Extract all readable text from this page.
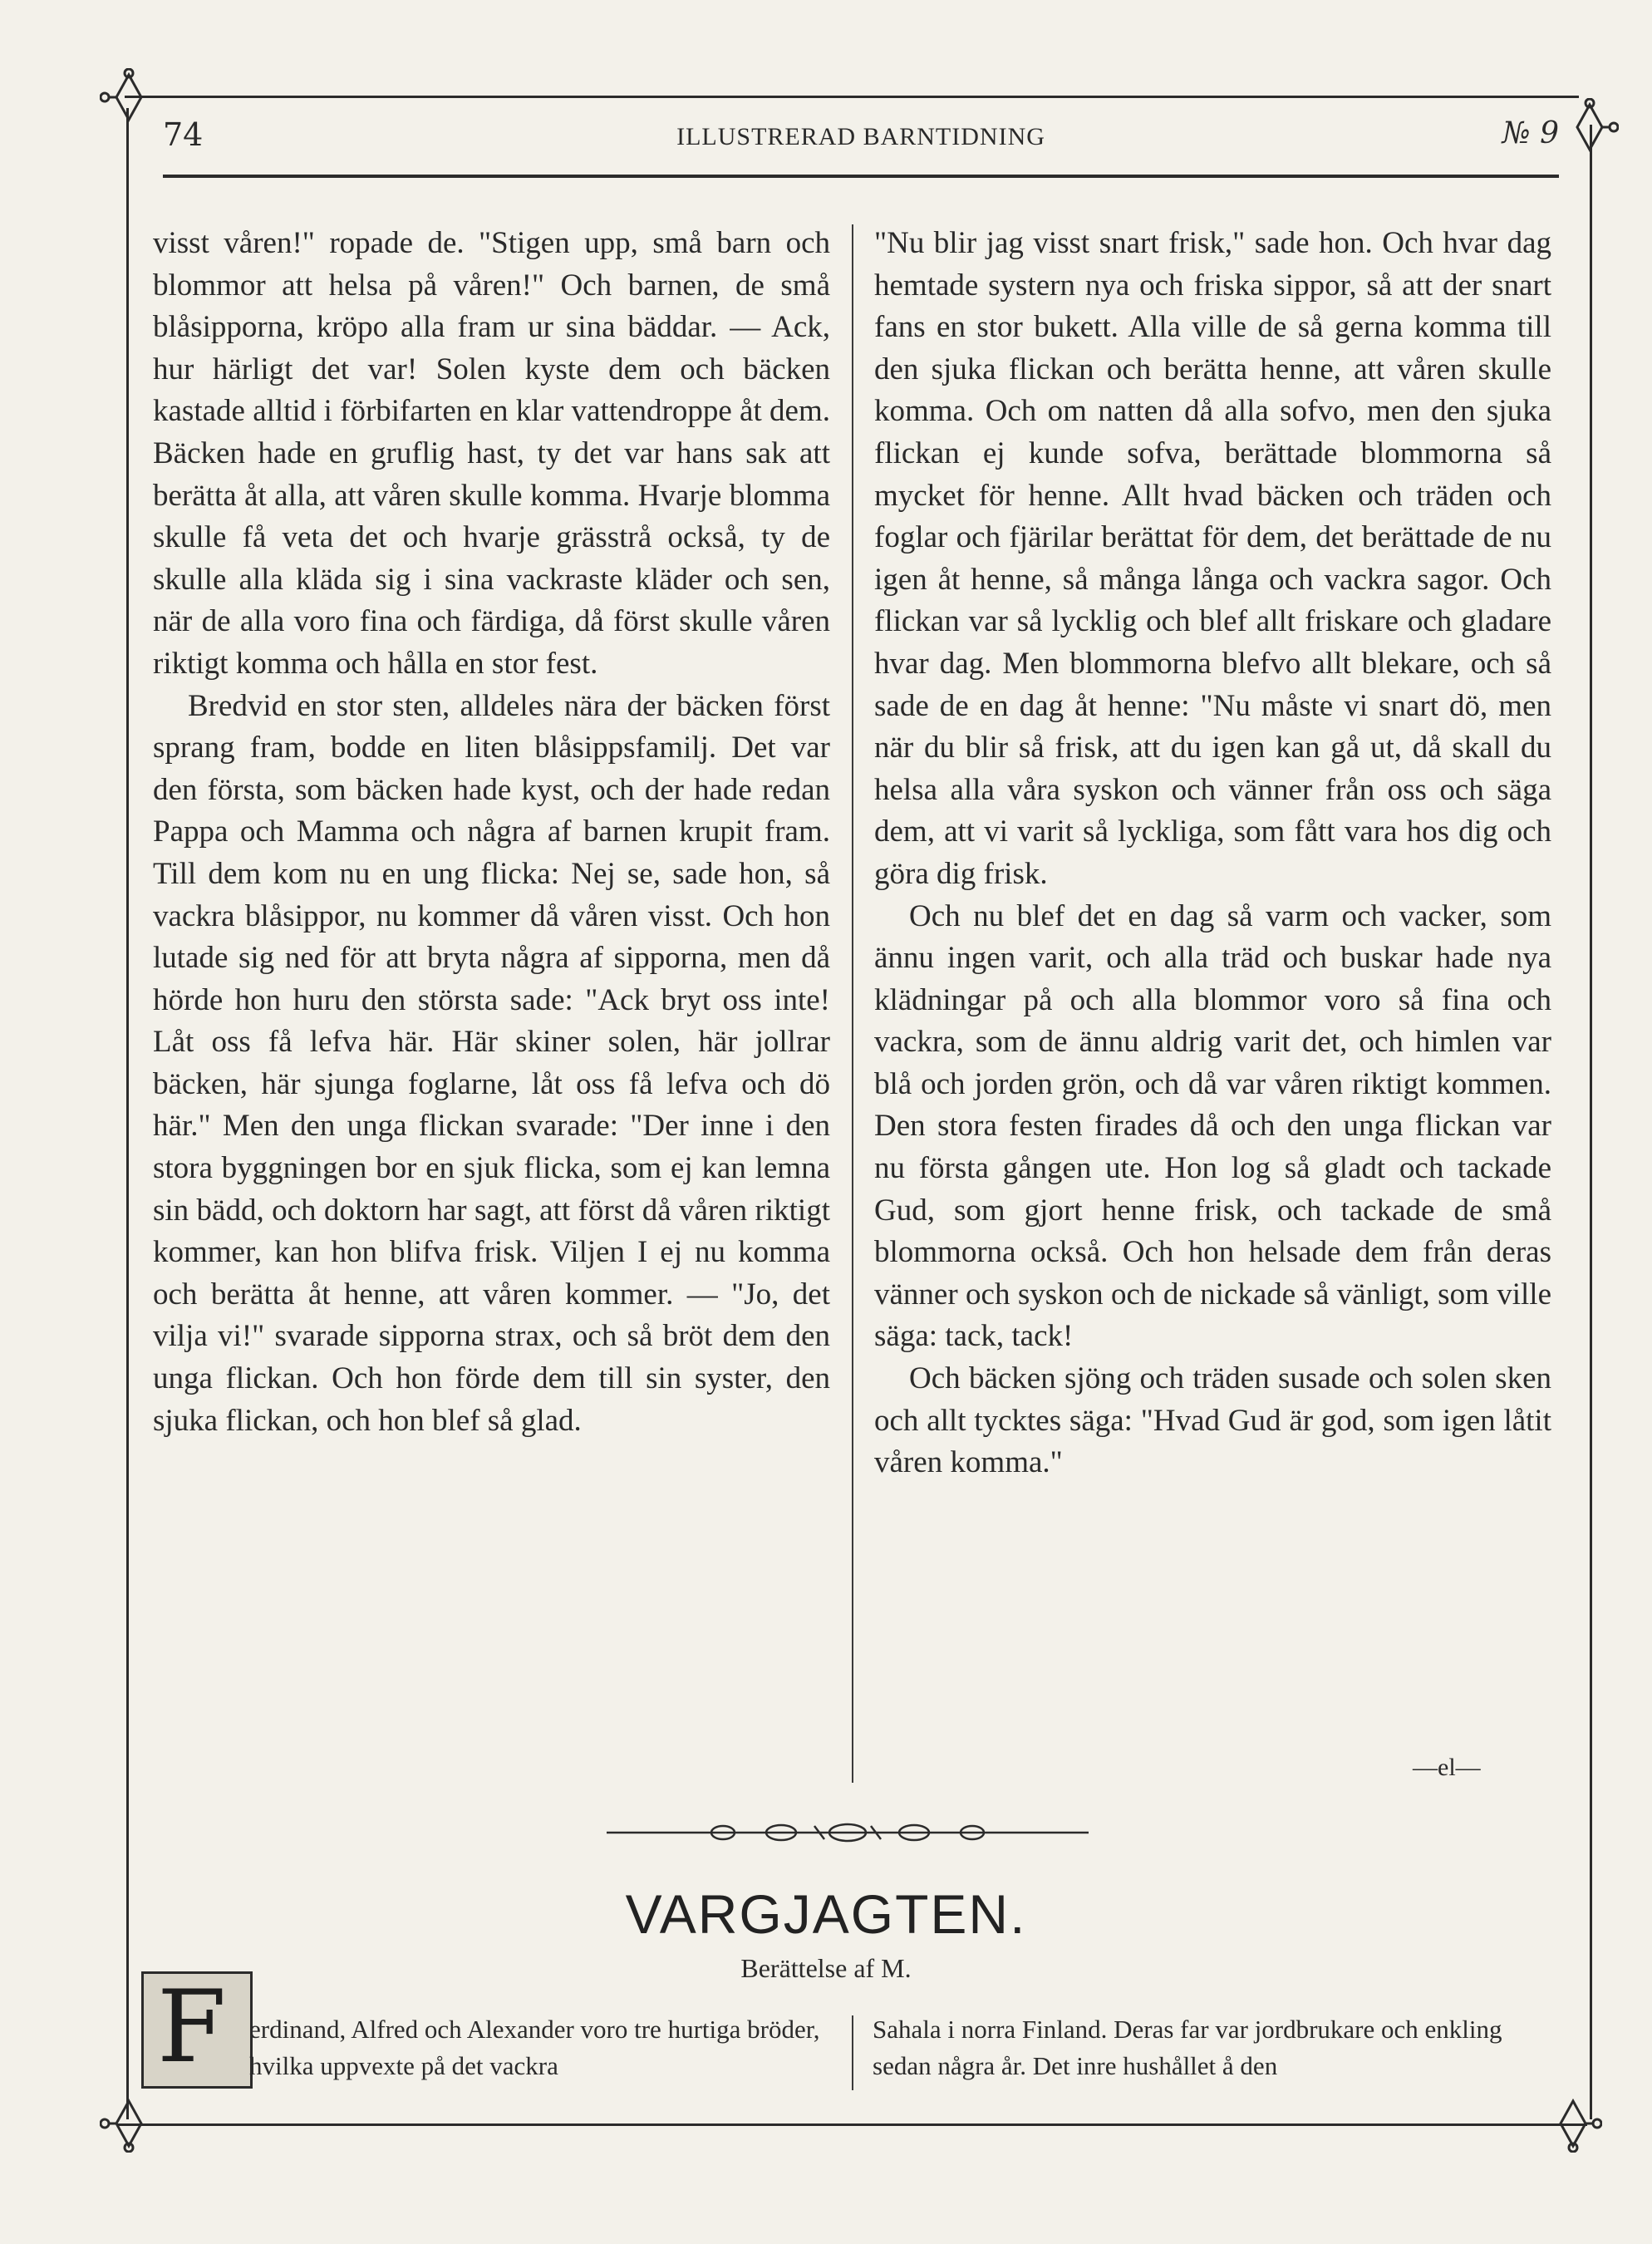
74	ILLUSTRERAD BARNTIDNING	№ 9

visst våren!" ropade de. "Stigen upp, små barn och blommor att helsa på våren!" Och barnen, de små blåsipporna, kröpo alla fram ur sina bäddar. — Ack, hur härligt det var! Solen kyste dem och bäcken kastade alltid i förbifarten en klar vattendroppe åt dem. Bäcken hade en gruflig hast, ty det var hans sak att berätta åt alla, att våren skulle komma. Hvarje blomma skulle få veta det och hvarje grässtrå också, ty de skulle alla kläda sig i sina vackraste kläder och sen, när de alla voro fina och färdiga, då först skulle våren riktigt komma och hålla en stor fest.

Bredvid en stor sten, alldeles nära der bäcken först sprang fram, bodde en liten blåsippsfamilj. Det var den första, som bäcken hade kyst, och der hade redan Pappa och Mamma och några af barnen krupit fram. Till dem kom nu en ung flicka: Nej se, sade hon, så vackra blåsippor, nu kommer då våren visst. Och hon lutade sig ned för att bryta några af sipporna, men då hörde hon huru den största sade: "Ack bryt oss inte! Låt oss få lefva här. Här skiner solen, här jollrar bäcken, här sjunga foglarne, låt oss få lefva och dö här." Men den unga flickan svarade: "Der inne i den stora byggningen bor en sjuk flicka, som ej kan lemna sin bädd, och doktorn har sagt, att först då våren riktigt kommer, kan hon blifva frisk. Viljen I ej nu komma och berätta åt henne, att våren kommer. — "Jo, det vilja vi!" svarade sipporna strax, och så bröt dem den unga flickan. Och hon förde dem till sin syster, den sjuka flickan, och hon blef så glad.

"Nu blir jag visst snart frisk," sade hon. Och hvar dag hemtade systern nya och friska sippor, så att der snart fans en stor bukett. Alla ville de så gerna komma till den sjuka flickan och berätta henne, att våren skulle komma. Och om natten då alla sofvo, men den sjuka flickan ej kunde sofva, berättade blommorna så mycket för henne. Allt hvad bäcken och träden och foglar och fjärilar berättat för dem, det berättade de nu igen åt henne, så många långa och vackra sagor. Och flickan var så lycklig och blef allt friskare och gladare hvar dag. Men blommorna blefvo allt blekare, och så sade de en dag åt henne: "Nu måste vi snart dö, men när du blir så frisk, att du igen kan gå ut, då skall du helsa alla våra syskon och vänner från oss och säga dem, att vi varit så lyckliga, som fått vara hos dig och göra dig frisk.

Och nu blef det en dag så varm och vacker, som ännu ingen varit, och alla träd och buskar hade nya klädningar på och alla blommor voro så fina och vackra, som de ännu aldrig varit det, och himlen var blå och jorden grön, och då var våren riktigt kommen. Den stora festen firades då och den unga flickan var nu första gången ute. Hon log så gladt och tackade Gud, som gjort henne frisk, och tackade de små blommorna också. Och hon helsade dem från deras vänner och syskon och de nickade så vänligt, som ville säga: tack, tack!

Och bäcken sjöng och träden susade och solen sken och allt tycktes säga: "Hvad Gud är god, som igen låtit våren komma."

—el—
VARGJAGTEN.
Berättelse af M.
F erdinand, Alfred och Alexander voro tre hurtiga bröder, hvilka uppvexte på det vackra
Sahala i norra Finland. Deras far var jordbrukare och enkling sedan några år. Det inre hushållet å den
